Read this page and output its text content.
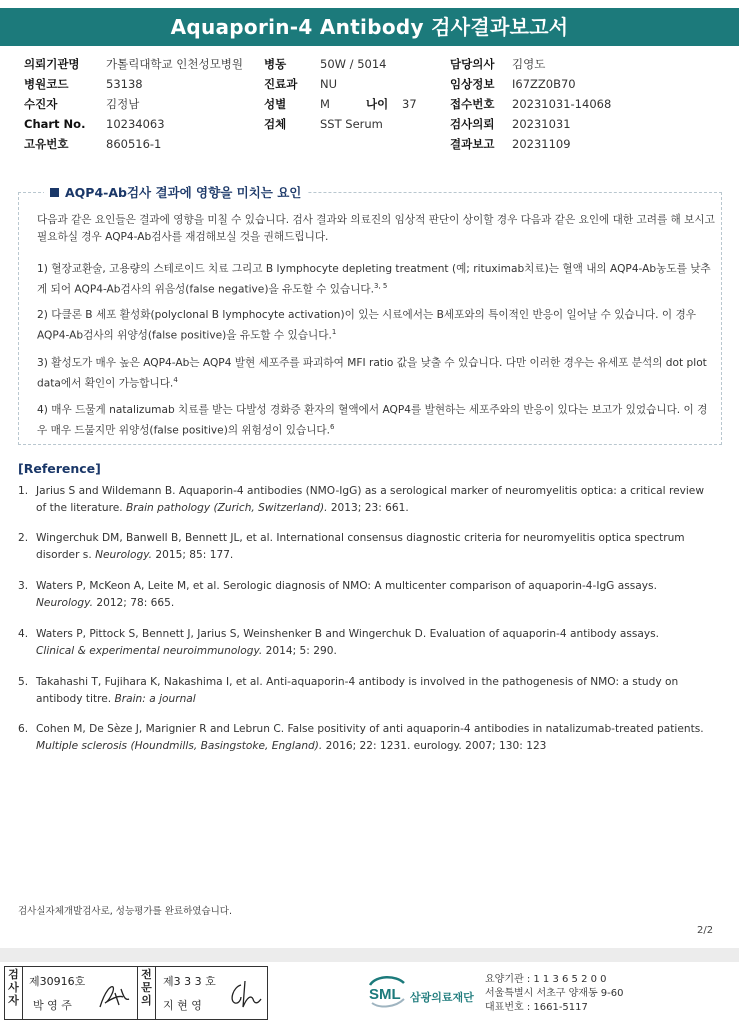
Aquaporin-4 Antibody 검사결과보고서
의뢰기관명	가톨릭대학교 인천성모병원
병원코드	53138
수진자	김정남
Chart No.	10234063
고유번호	860516-1
병동	50W / 5014
진료과	NU
성별	M	나이	37
검체	SST Serum
담당의사	김영도
임상정보	I67ZZ0B70
접수번호	20231031-14068
검사의뢰	20231031
결과보고	20231109
AQP4-Ab검사 결과에 영향을 미치는 요인
다음과 같은 요인들은 결과에 영향을 미칠 수 있습니다. 검사 결과와 의료진의 임상적 판단이 상이할 경우 다음과 같은 요인에 대한 고려를 해 보시고 필요하실 경우 AQP4-Ab검사를 재검해보실 것을 권해드립니다.
1) 혈장교환술, 고용량의 스테로이드 치료 그리고 B lymphocyte depleting treatment (예; rituximab치료)는 혈액 내의 AQP4-Ab농도를 낮추게 되어 AQP4-Ab검사의 위음성(false negative)을 유도할 수 있습니다.$^{3, 5}$
2) 다클론 B 세포 활성화(polyclonal B lymphocyte activation)이 있는 시료에서는 B세포와의 특이적인 반응이 일어날 수 있습니다. 이 경우 AQP4-Ab검사의 위양성(false positive)을 유도할 수 있습니다.$^1$
3) 활성도가 매우 높은 AQP4-Ab는 AQP4 발현 세포주를 파괴하여 MFI ratio 값을 낮출 수 있습니다. 다만 이러한 경우는 유세포 분석의 dot plot data에서 확인이 가능합니다.$^4$
4) 매우 드물게 natalizumab 치료를 받는 다발성 경화증 환자의 혈액에서 AQP4를 발현하는 세포주와의 반응이 있다는 보고가 있었습니다. 이 경우 매우 드물지만 위양성(false positive)의 위험성이 있습니다.$^6$
[Reference]
1. Jarius S and Wildemann B. Aquaporin-4 antibodies (NMO-IgG) as a serological marker of neuromyelitis optica: a critical review
of the literature. Brain pathology (Zurich, Switzerland). 2013; 23: 661.
2. Wingerchuk DM, Banwell B, Bennett JL, et al. International consensus diagnostic criteria for neuromyelitis optica spectrum
disorder s. Neurology. 2015; 85: 177.
3. Waters P, McKeon A, Leite M, et al. Serologic diagnosis of NMO: A multicenter comparison of aquaporin-4-IgG assays.
Neurology. 2012; 78: 665.
4. Waters P, Pittock S, Bennett J, Jarius S, Weinshenker B and Wingerchuk D. Evaluation of aquaporin-4 antibody assays.
Clinical & experimental neuroimmunology. 2014; 5: 290.
5. Takahashi T, Fujihara K, Nakashima I, et al. Anti-aquaporin-4 antibody is involved in the pathogenesis of NMO: a study on
antibody titre. Brain: a journal
6. Cohen M, De Sèze J, Marignier R and Lebrun C. False positivity of anti aquaporin-4 antibodies in natalizumab-treated patients.
Multiple sclerosis (Houndmills, Basingstoke, England). 2016; 22: 1231. eurology. 2007; 130: 123
검사실자체개발검사로, 성능평가를 완료하였습니다.
2/2
검사자
제30916호
박 영 주
전문의
제3 3 3 호
지 현 영
SML 삼광의료재단
요양기관 : 1 1 3 6 5 2 0 0
서울특별시 서초구 양재동 9-60
대표번호 : 1661-5117
